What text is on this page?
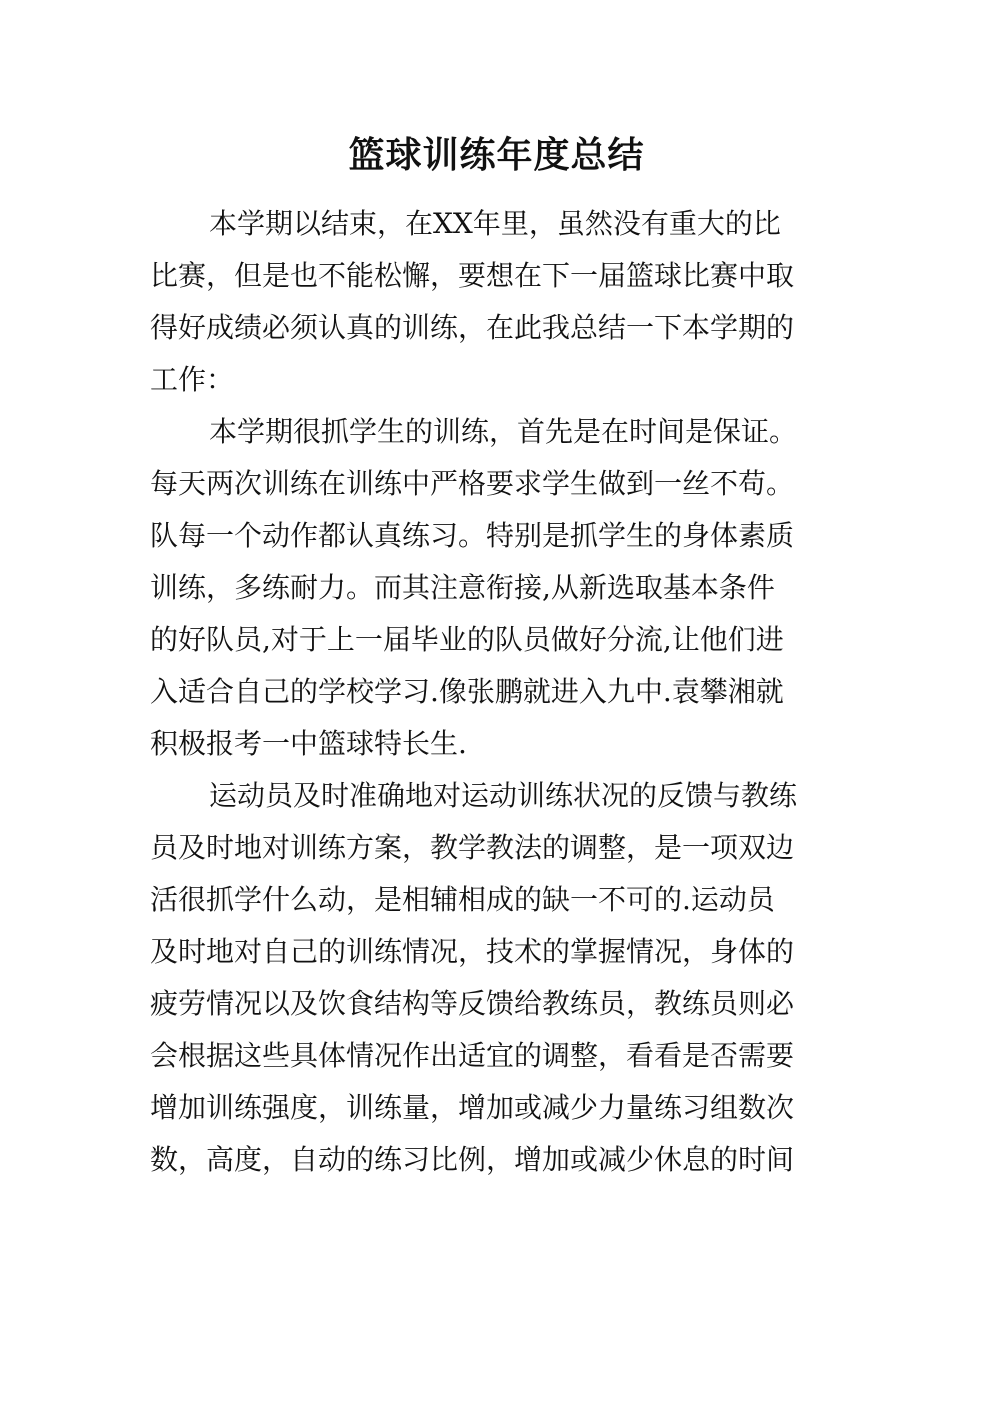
篮球训练年度总结
本学期以结束，在XX年里，虽然没有重大的比
比赛，但是也不能松懈，要想在下一届篮球比赛中取
得好成绩必须认真的训练，在此我总结一下本学期的
工作：
本学期很抓学生的训练，首先是在时间是保证。
每天两次训练在训练中严格要求学生做到一丝不苟。
队每一个动作都认真练习。特别是抓学生的身体素质
训练，多练耐力。而其注意衔接,从新选取基本条件
的好队员,对于上一届毕业的队员做好分流,让他们进
入适合自己的学校学习.像张鹏就进入九中.袁攀湘就
积极报考一中篮球特长生.
运动员及时准确地对运动训练状况的反馈与教练
员及时地对训练方案，教学教法的调整，是一项双边
活很抓学什么动，是相辅相成的缺一不可的.运动员
及时地对自己的训练情况，技术的掌握情况，身体的
疲劳情况以及饮食结构等反馈给教练员，教练员则必
会根据这些具体情况作出适宜的调整，看看是否需要
增加训练强度，训练量，增加或减少力量练习组数次
数，高度，自动的练习比例，增加或减少休息的时间
